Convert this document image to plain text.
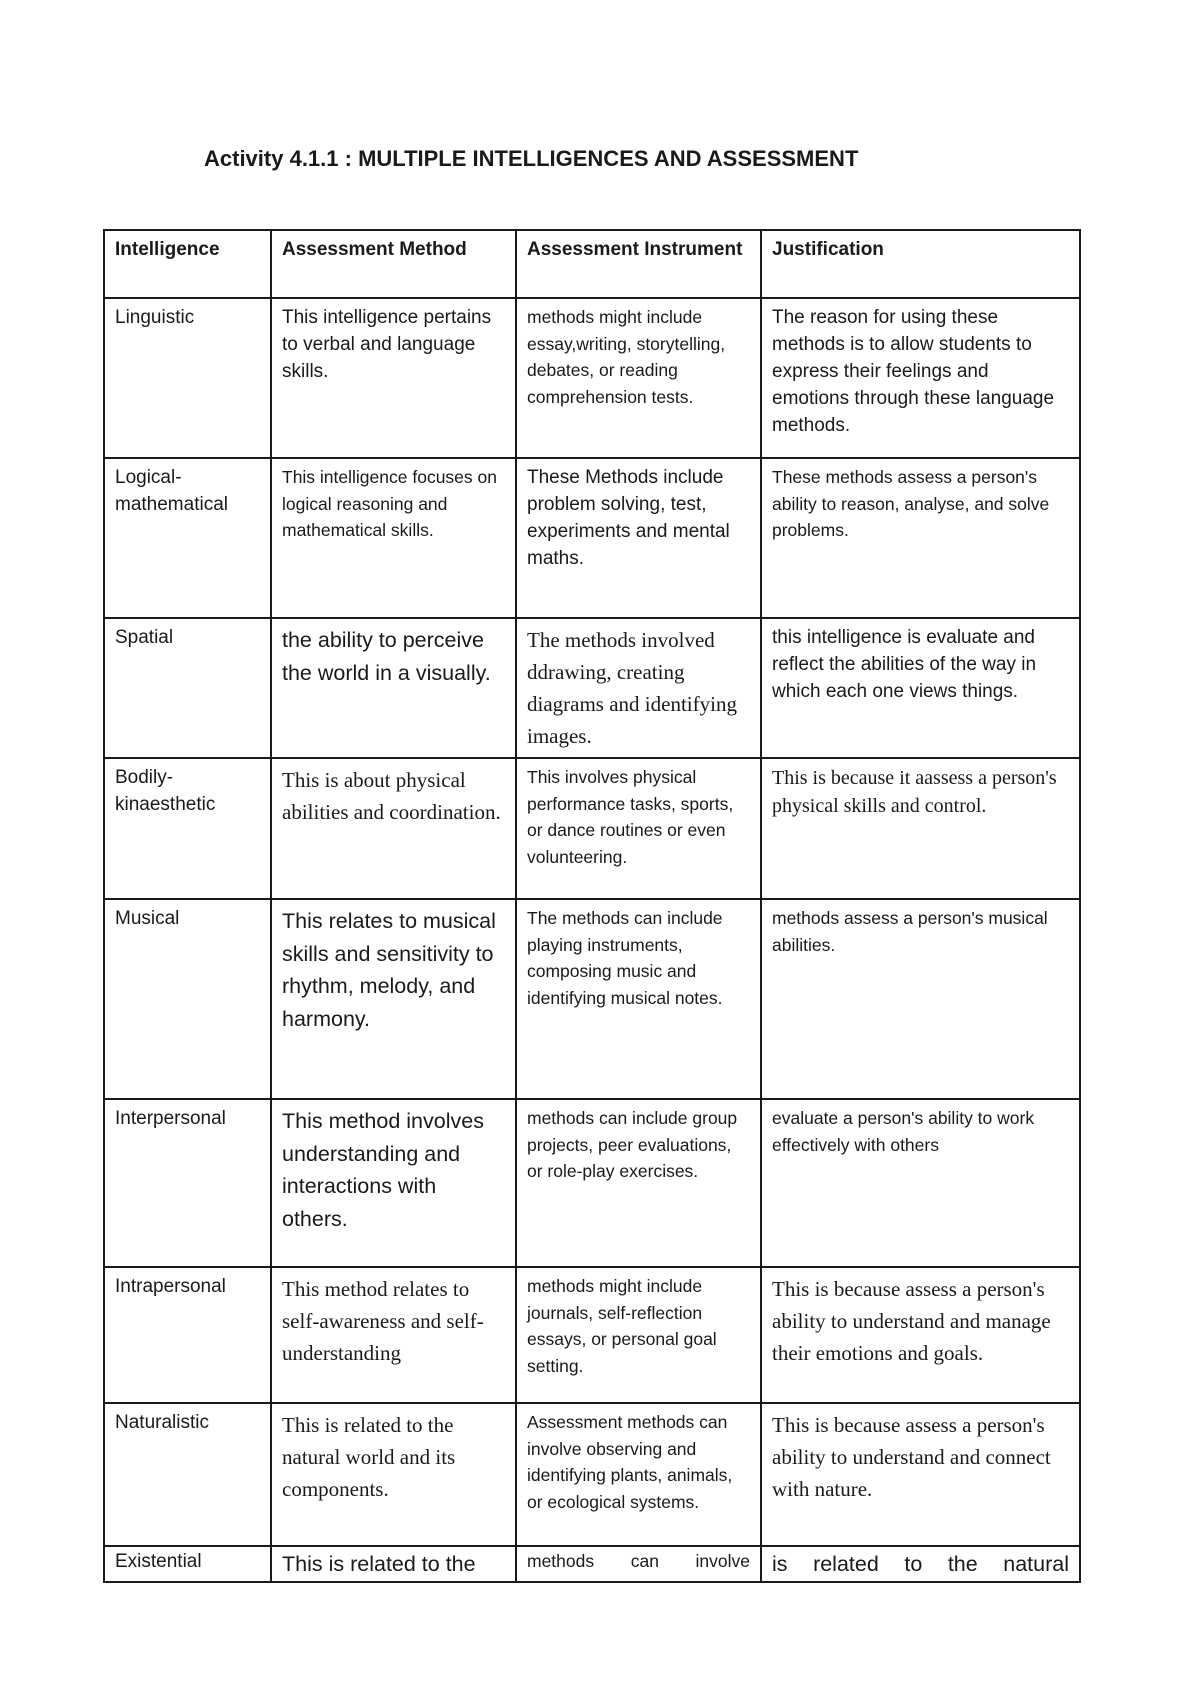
Activity 4.1.1 : MULTIPLE INTELLIGENCES AND ASSESSMENT
Intelligence	Assessment Method	Assessment Instrument	Justification
Linguistic	This intelligence pertains to verbal and language skills.	methods might include essay,writing, storytelling, debates, or reading comprehension tests.	The reason for using these methods is to allow students to express their feelings and emotions through these language methods.
Logical-mathematical	This intelligence focuses on logical reasoning and mathematical skills.	These Methods include problem solving, test, experiments and mental maths.	These methods assess a person's ability to reason, analyse, and solve problems.
Spatial	the ability to perceive the world in a visually.	The methods involved ddrawing, creating diagrams and identifying images.	this intelligence is evaluate and reflect the abilities of the way in which each one views things.
Bodily-kinaesthetic	This is about physical abilities and coordination.	This involves physical performance tasks, sports, or dance routines or even volunteering.	This is because it aassess a person's physical skills and control.
Musical	This relates to musical skills and sensitivity to rhythm, melody, and harmony.	The methods can include playing instruments, composing music and identifying musical notes.	methods assess a person's musical abilities.
Interpersonal	This method involves understanding and interactions with others.	methods can include group projects, peer evaluations, or role-play exercises.	evaluate a person's ability to work effectively with others
Intrapersonal	This method relates to self-awareness and self-understanding	methods might include journals, self-reflection essays, or personal goal setting.	This is because assess a person's ability to understand and manage their emotions and goals.
Naturalistic	This is related to the natural world and its components.	Assessment methods can involve observing and identifying plants, animals, or ecological systems.	This is because assess a person's ability to understand and connect with nature.
Existential	This is related to the	methods can involve	is related to the natural
